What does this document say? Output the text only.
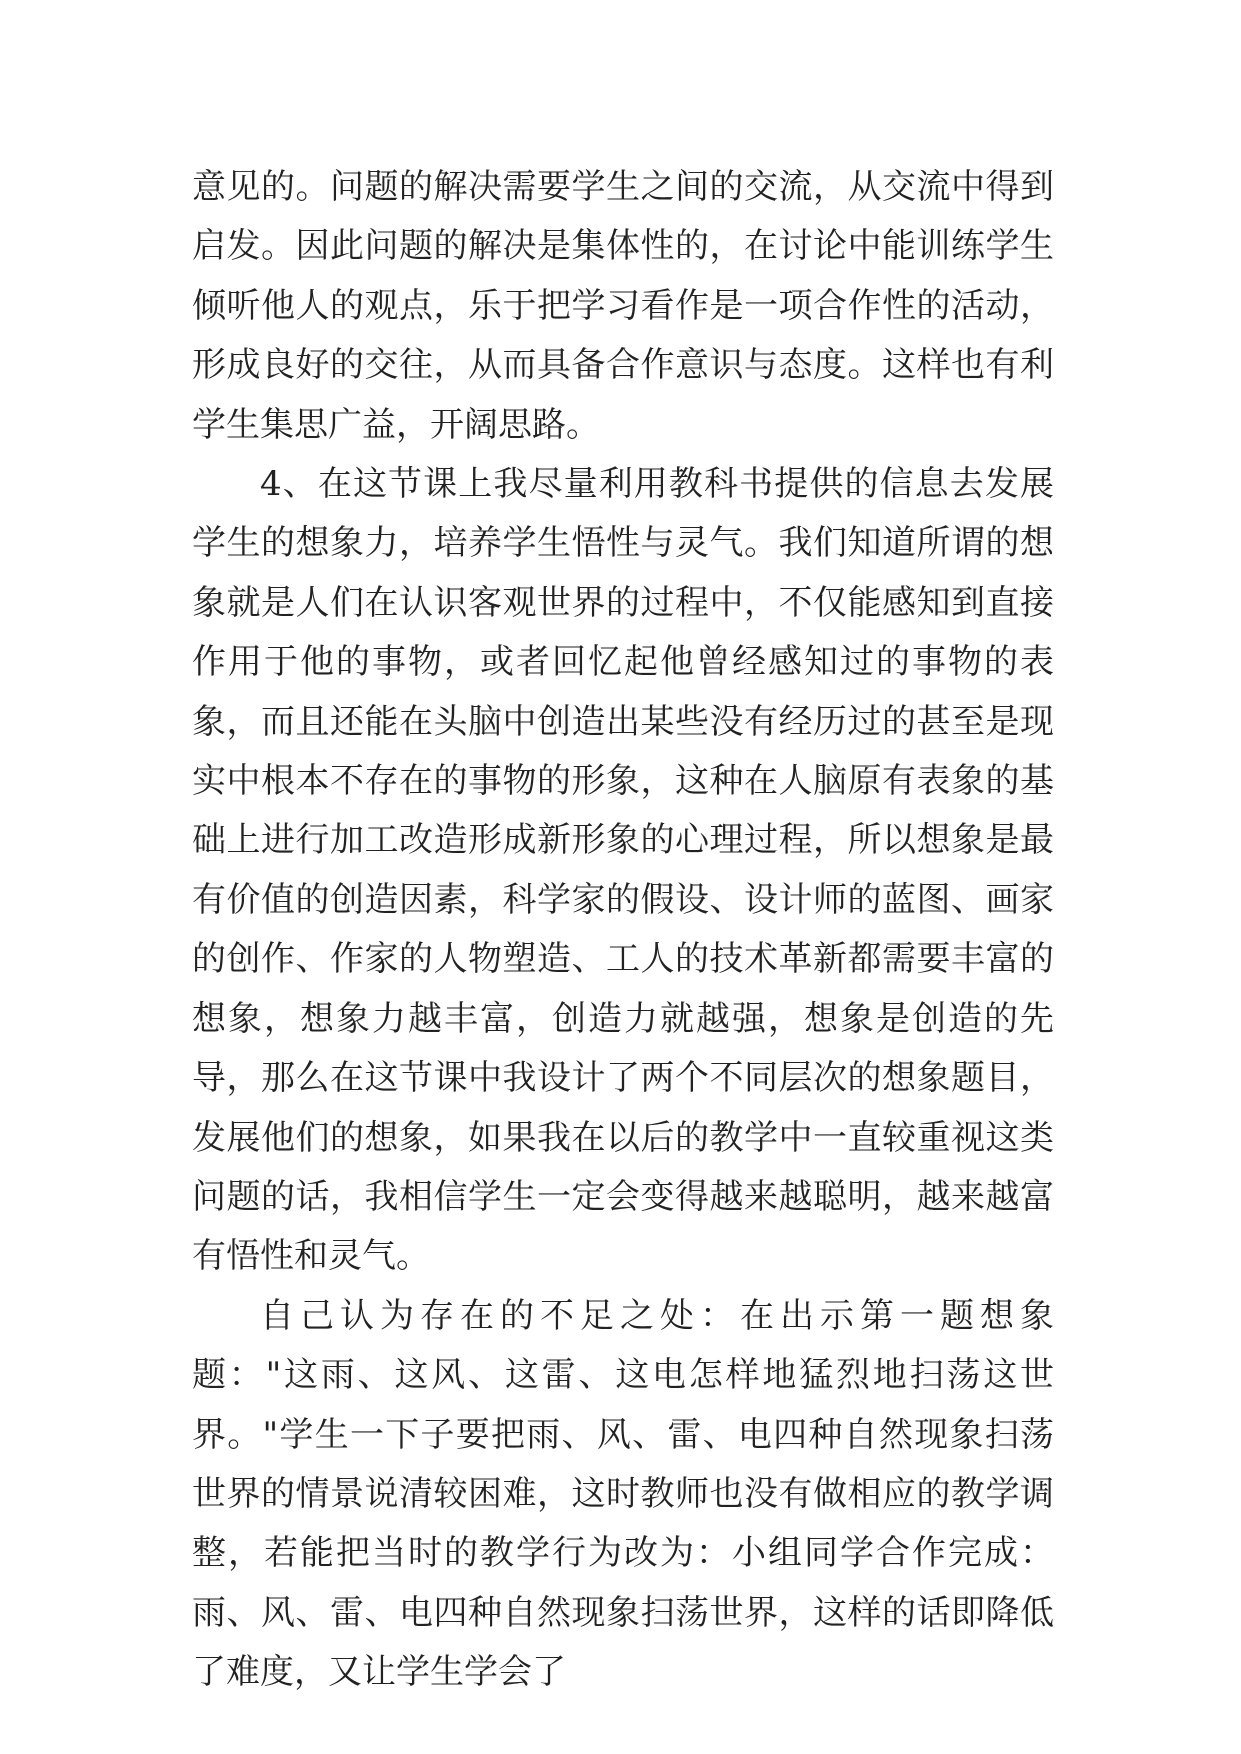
意见的。问题的解决需要学生之间的交流，从交流中得到启发。因此问题的解决是集体性的，在讨论中能训练学生倾听他人的观点，乐于把学习看作是一项合作性的活动，形成良好的交往，从而具备合作意识与态度。这样也有利学生集思广益，开阔思路。

4、在这节课上我尽量利用教科书提供的信息去发展学生的想象力，培养学生悟性与灵气。我们知道所谓的想象就是人们在认识客观世界的过程中，不仅能感知到直接作用于他的事物，或者回忆起他曾经感知过的事物的表象，而且还能在头脑中创造出某些没有经历过的甚至是现实中根本不存在的事物的形象，这种在人脑原有表象的基础上进行加工改造形成新形象的心理过程，所以想象是最有价值的创造因素，科学家的假设、设计师的蓝图、画家的创作、作家的人物塑造、工人的技术革新都需要丰富的想象，想象力越丰富，创造力就越强，想象是创造的先导，那么在这节课中我设计了两个不同层次的想象题目，发展他们的想象，如果我在以后的教学中一直较重视这类问题的话，我相信学生一定会变得越来越聪明，越来越富有悟性和灵气。

自己认为存在的不足之处：在出示第一题想象题："这雨、这风、这雷、这电怎样地猛烈地扫荡这世界。"学生一下子要把雨、风、雷、电四种自然现象扫荡世界的情景说清较困难，这时教师也没有做相应的教学调整，若能把当时的教学行为改为：小组同学合作完成：雨、风、雷、电四种自然现象扫荡世界，这样的话即降低了难度，又让学生学会了
